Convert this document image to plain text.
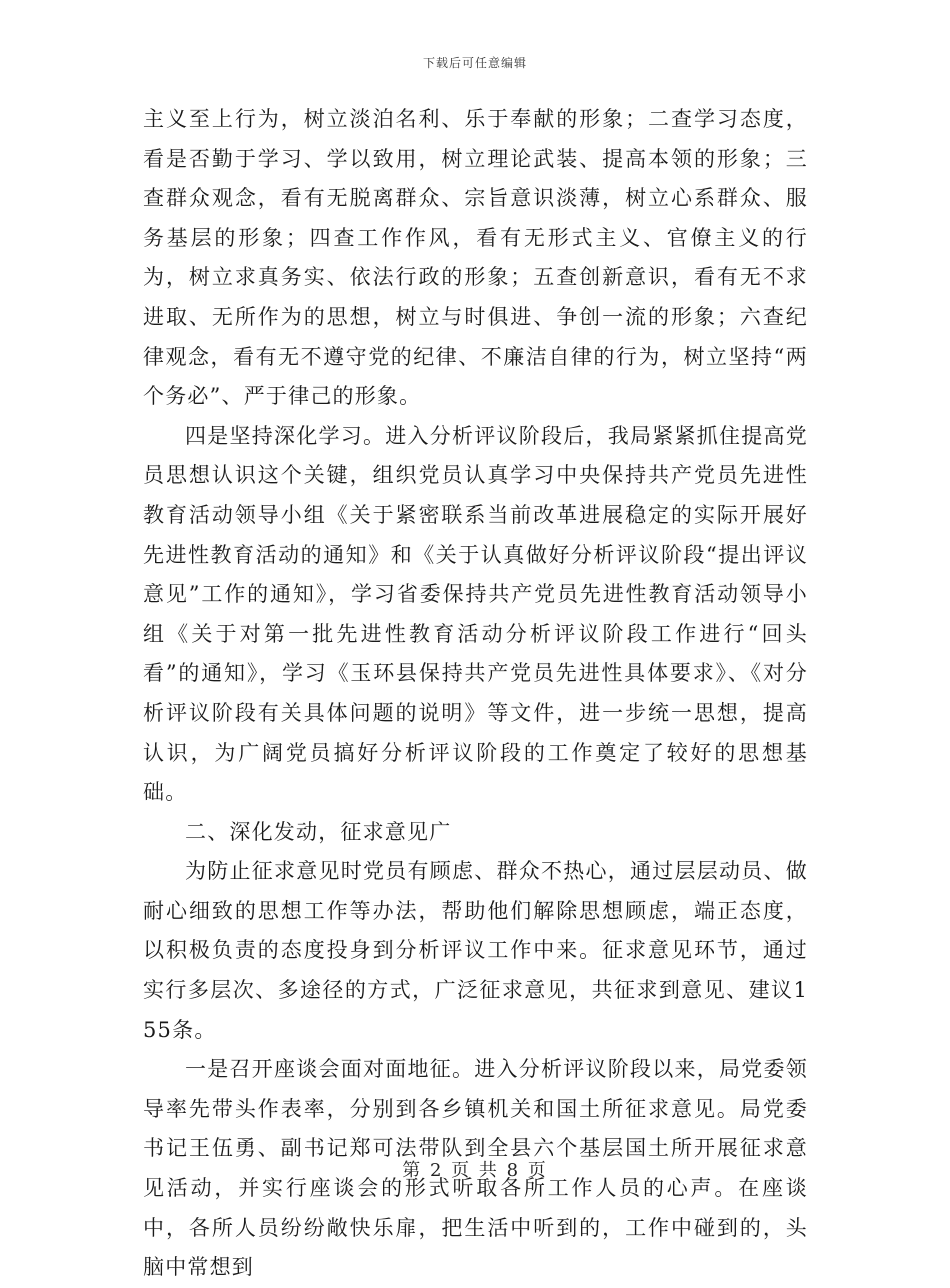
下载后可任意编辑

主义至上行为，树立淡泊名利、乐于奉献的形象；二查学习态度，看是否勤于学习、学以致用，树立理论武装、提高本领的形象；三查群众观念，看有无脱离群众、宗旨意识淡薄，树立心系群众、服务基层的形象；四查工作作风，看有无形式主义、官僚主义的行为，树立求真务实、依法行政的形象；五查创新意识，看有无不求进取、无所作为的思想，树立与时俱进、争创一流的形象；六查纪律观念，看有无不遵守党的纪律、不廉洁自律的行为，树立坚持“两个务必”、严于律己的形象。

四是坚持深化学习。进入分析评议阶段后，我局紧紧抓住提高党员思想认识这个关键，组织党员认真学习中央保持共产党员先进性教育活动领导小组《关于紧密联系当前改革进展稳定的实际开展好先进性教育活动的通知》和《关于认真做好分析评议阶段“提出评议意见”工作的通知》，学习省委保持共产党员先进性教育活动领导小组《关于对第一批先进性教育活动分析评议阶段工作进行“回头看”的通知》，学习《玉环县保持共产党员先进性具体要求》、《对分析评议阶段有关具体问题的说明》等文件，进一步统一思想，提高认识，为广阔党员搞好分析评议阶段的工作奠定了较好的思想基础。

二、深化发动，征求意见广

为防止征求意见时党员有顾虑、群众不热心，通过层层动员、做耐心细致的思想工作等办法，帮助他们解除思想顾虑，端正态度，以积极负责的态度投身到分析评议工作中来。征求意见环节，通过实行多层次、多途径的方式，广泛征求意见，共征求到意见、建议155条。

一是召开座谈会面对面地征。进入分析评议阶段以来，局党委领导率先带头作表率，分别到各乡镇机关和国土所征求意见。局党委书记王伍勇、副书记郑可法带队到全县六个基层国土所开展征求意见活动，并实行座谈会的形式听取各所工作人员的心声。在座谈中，各所人员纷纷敞快乐扉，把生活中听到的，工作中碰到的，头脑中常想到

第 2 页 共 8 页
